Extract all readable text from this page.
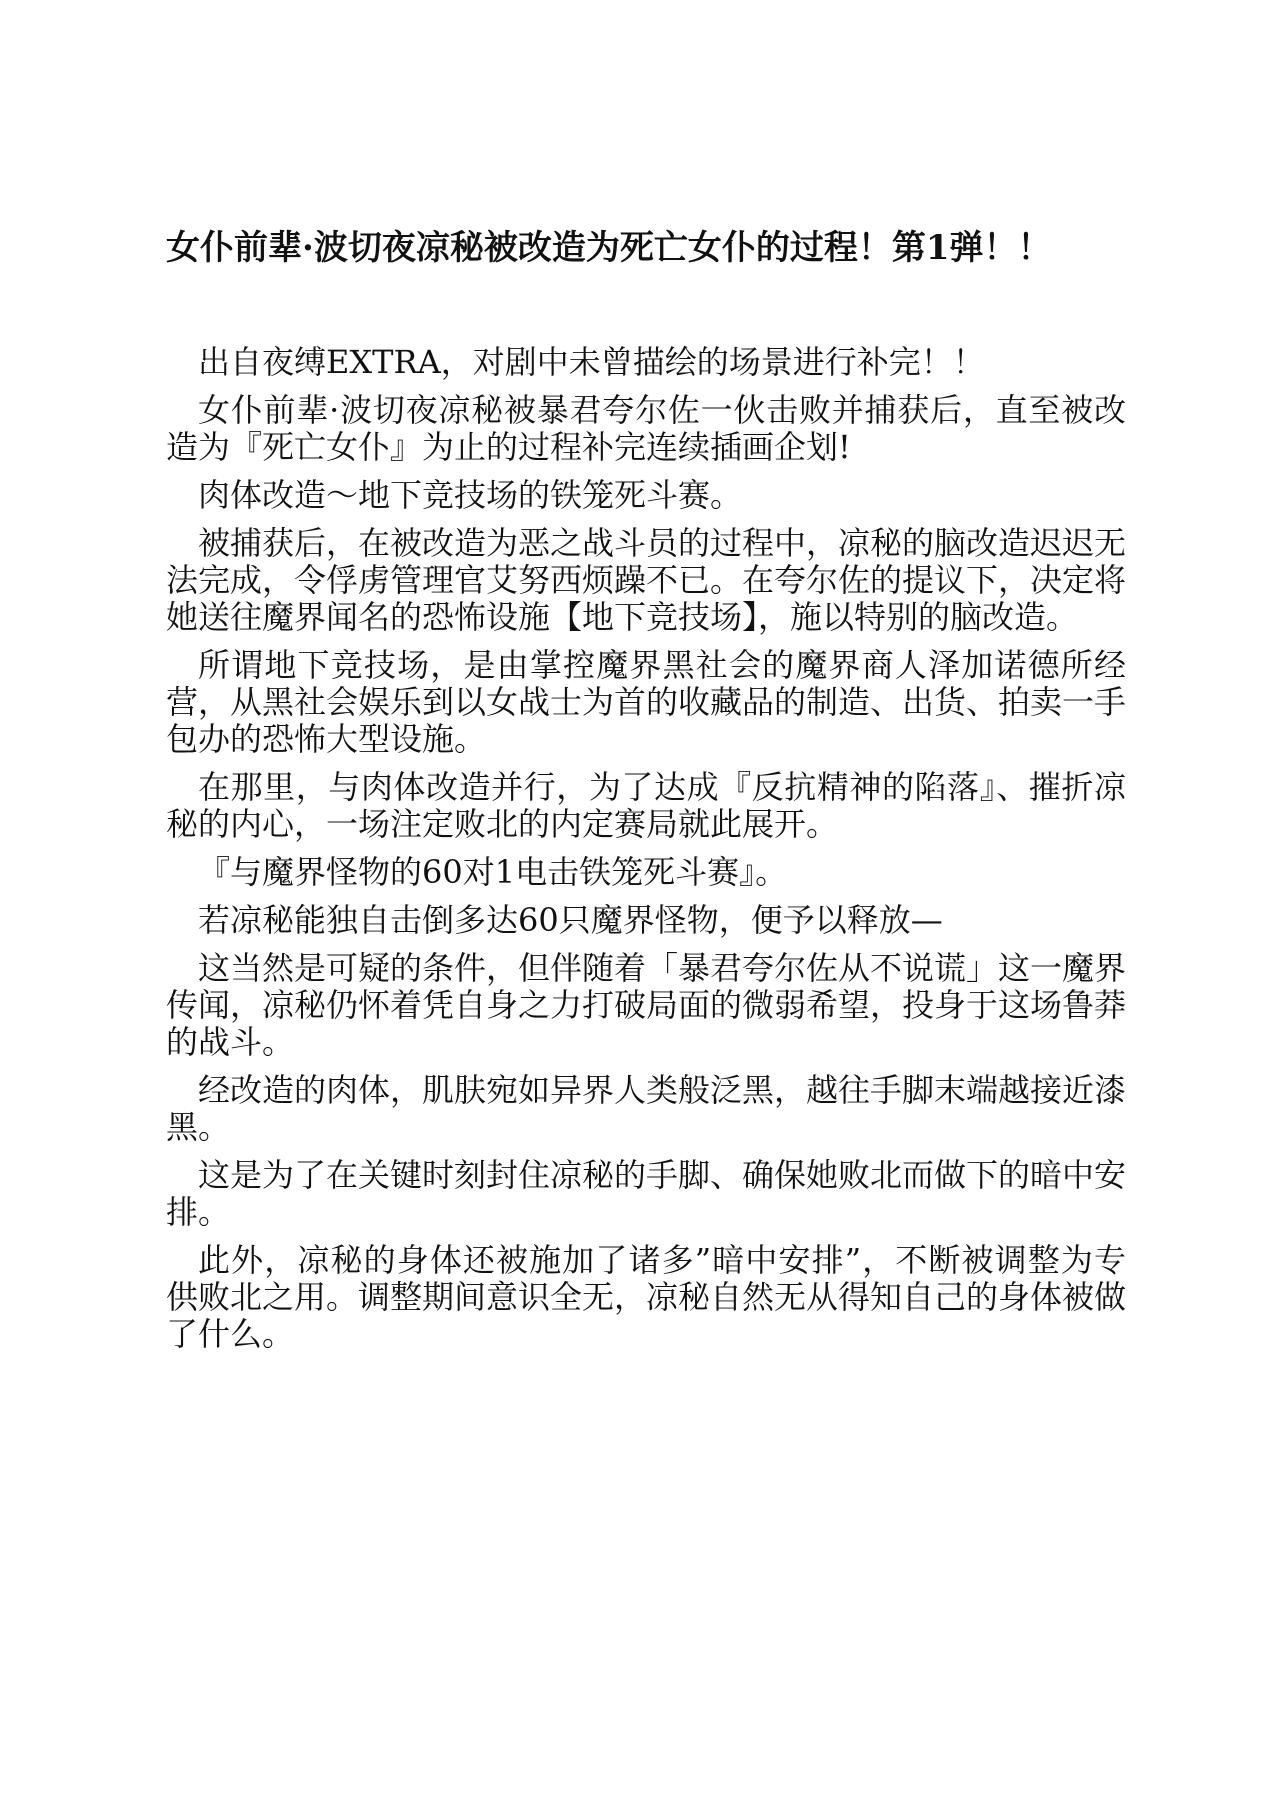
女仆前辈·波切夜凉秘被改造为死亡女仆的过程！第1弹！！

出自夜缚EXTRA，对剧中未曾描绘的场景进行补完！！

女仆前辈·波切夜凉秘被暴君夸尔佐一伙击败并捕获后，直至被改造为『死亡女仆』为止的过程补完连续插画企划!

肉体改造～地下竞技场的铁笼死斗赛。

被捕获后，在被改造为恶之战斗员的过程中，凉秘的脑改造迟迟无法完成，令俘虏管理官艾努西烦躁不已。在夸尔佐的提议下，决定将她送往魔界闻名的恐怖设施【地下竞技场】，施以特别的脑改造。

所谓地下竞技场，是由掌控魔界黑社会的魔界商人泽加诺德所经营，从黑社会娱乐到以女战士为首的收藏品的制造、出货、拍卖一手包办的恐怖大型设施。

在那里，与肉体改造并行，为了达成『反抗精神的陷落』、摧折凉秘的内心，一场注定败北的内定赛局就此展开。

『与魔界怪物的60对1电击铁笼死斗赛』。

若凉秘能独自击倒多达60只魔界怪物，便予以释放—

这当然是可疑的条件，但伴随着「暴君夸尔佐从不说谎」这一魔界传闻，凉秘仍怀着凭自身之力打破局面的微弱希望，投身于这场鲁莽的战斗。

经改造的肉体，肌肤宛如异界人类般泛黑，越往手脚末端越接近漆黑。

这是为了在关键时刻封住凉秘的手脚、确保她败北而做下的暗中安排。

此外，凉秘的身体还被施加了诸多”暗中安排”，不断被调整为专供败北之用。调整期间意识全无，凉秘自然无从得知自己的身体被做了什么。
